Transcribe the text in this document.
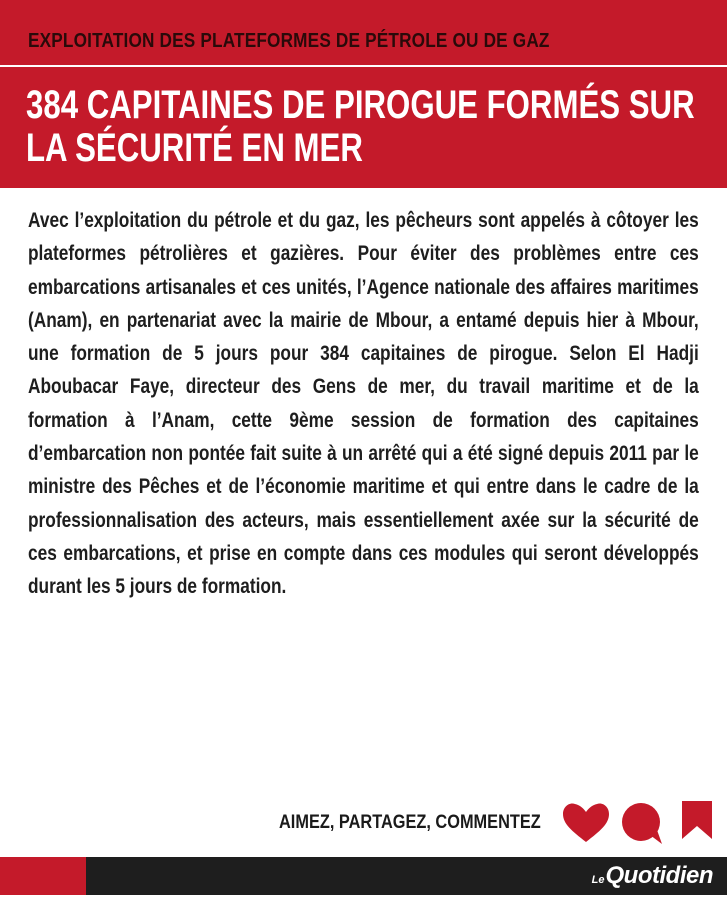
EXPLOITATION DES PLATEFORMES DE PÉTROLE OU DE GAZ
384 CAPITAINES DE PIROGUE FORMÉS SUR
LA SÉCURITÉ EN MER

Avec l’exploitation du pétrole et du gaz, les pêcheurs sont appelés à côtoyer les plateformes pétrolières et gazières. Pour éviter des problèmes entre ces embarcations artisanales et ces unités, l’Agence nationale des affaires maritimes (Anam), en partenariat avec la mairie de Mbour, a entamé depuis hier à Mbour, une formation de 5 jours pour 384 capitaines de pirogue. Selon El Hadji Aboubacar Faye, directeur des Gens de mer, du travail maritime et de la formation à l’Anam, cette 9ème session de formation des capitaines d’embarcation non pontée fait suite à un arrêté qui a été signé depuis 2011 par le ministre des Pêches et de l’économie maritime et qui entre dans le cadre de la professionnalisation des acteurs, mais essentiellement axée sur la sécurité de ces embarcations, et prise en compte dans ces modules qui seront développés durant les 5 jours de formation.

AIMEZ, PARTAGEZ, COMMENTEZ
LeQuotidien
